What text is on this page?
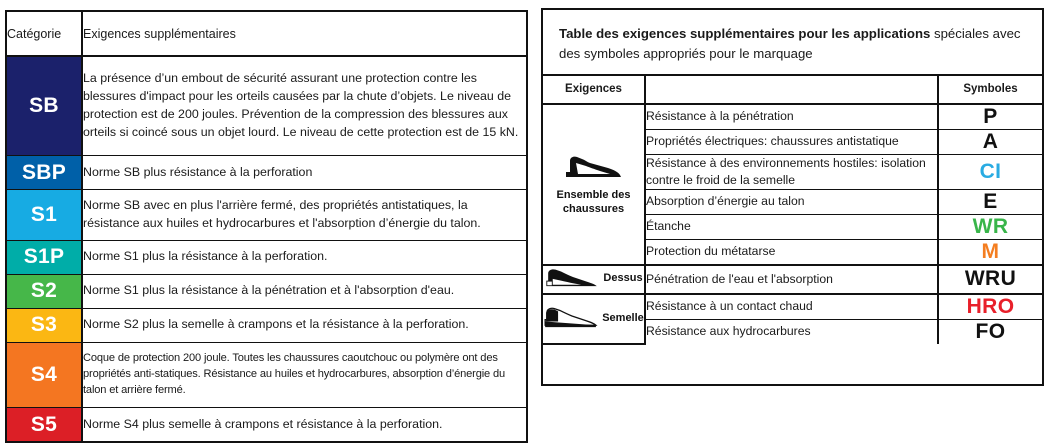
Catégorie	Exigences supplémentaires
SB	La présence d’un embout de sécurité assurant une protection contre les blessures d'impact pour les orteils causées par la chute d’objets. Le niveau de protection est de 200 joules. Prévention de la compression des blessures aux orteils si coincé sous un objet lourd. Le niveau de cette protection est de 15 kN.
SBP	Norme SB plus résistance à la perforation
S1	Norme SB avec en plus l'arrière fermé, des propriétés antistatiques, la résistance aux huiles et hydrocarbures et l'absorption d’énergie du talon.
S1P	Norme S1 plus la résistance à la perforation.
S2	Norme S1 plus la résistance à la pénétration et à l'absorption d'eau.
S3	Norme S2 plus la semelle à crampons et la résistance à la perforation.
S4	Coque de protection 200 joule. Toutes les chaussures caoutchouc ou polymère ont des propriétés anti-statiques. Résistance au huiles et hydrocarbures, absorption d’énergie du talon et arrière fermé.
S5	Norme S4 plus semelle à crampons et résistance à la perforation.
Table des exigences supplémentaires pour les applications spéciales avec des symboles appropriés pour le marquage
Exigences		Symboles

Ensemble des chaussures	Résistance à la pénétration	P
	Propriétés électriques: chaussures antistatique	A
	Résistance à des environnements hostiles: isolation contre le froid de la semelle	CI
	Absorption d’énergie au talon	E
	Étanche	WR
	Protection du métatarse	M

Dessus	Pénétration de l'eau et l'absorption	WRU

Semelle	Résistance à un contact chaud	HRO
	Résistance aux hydrocarbures	FO
